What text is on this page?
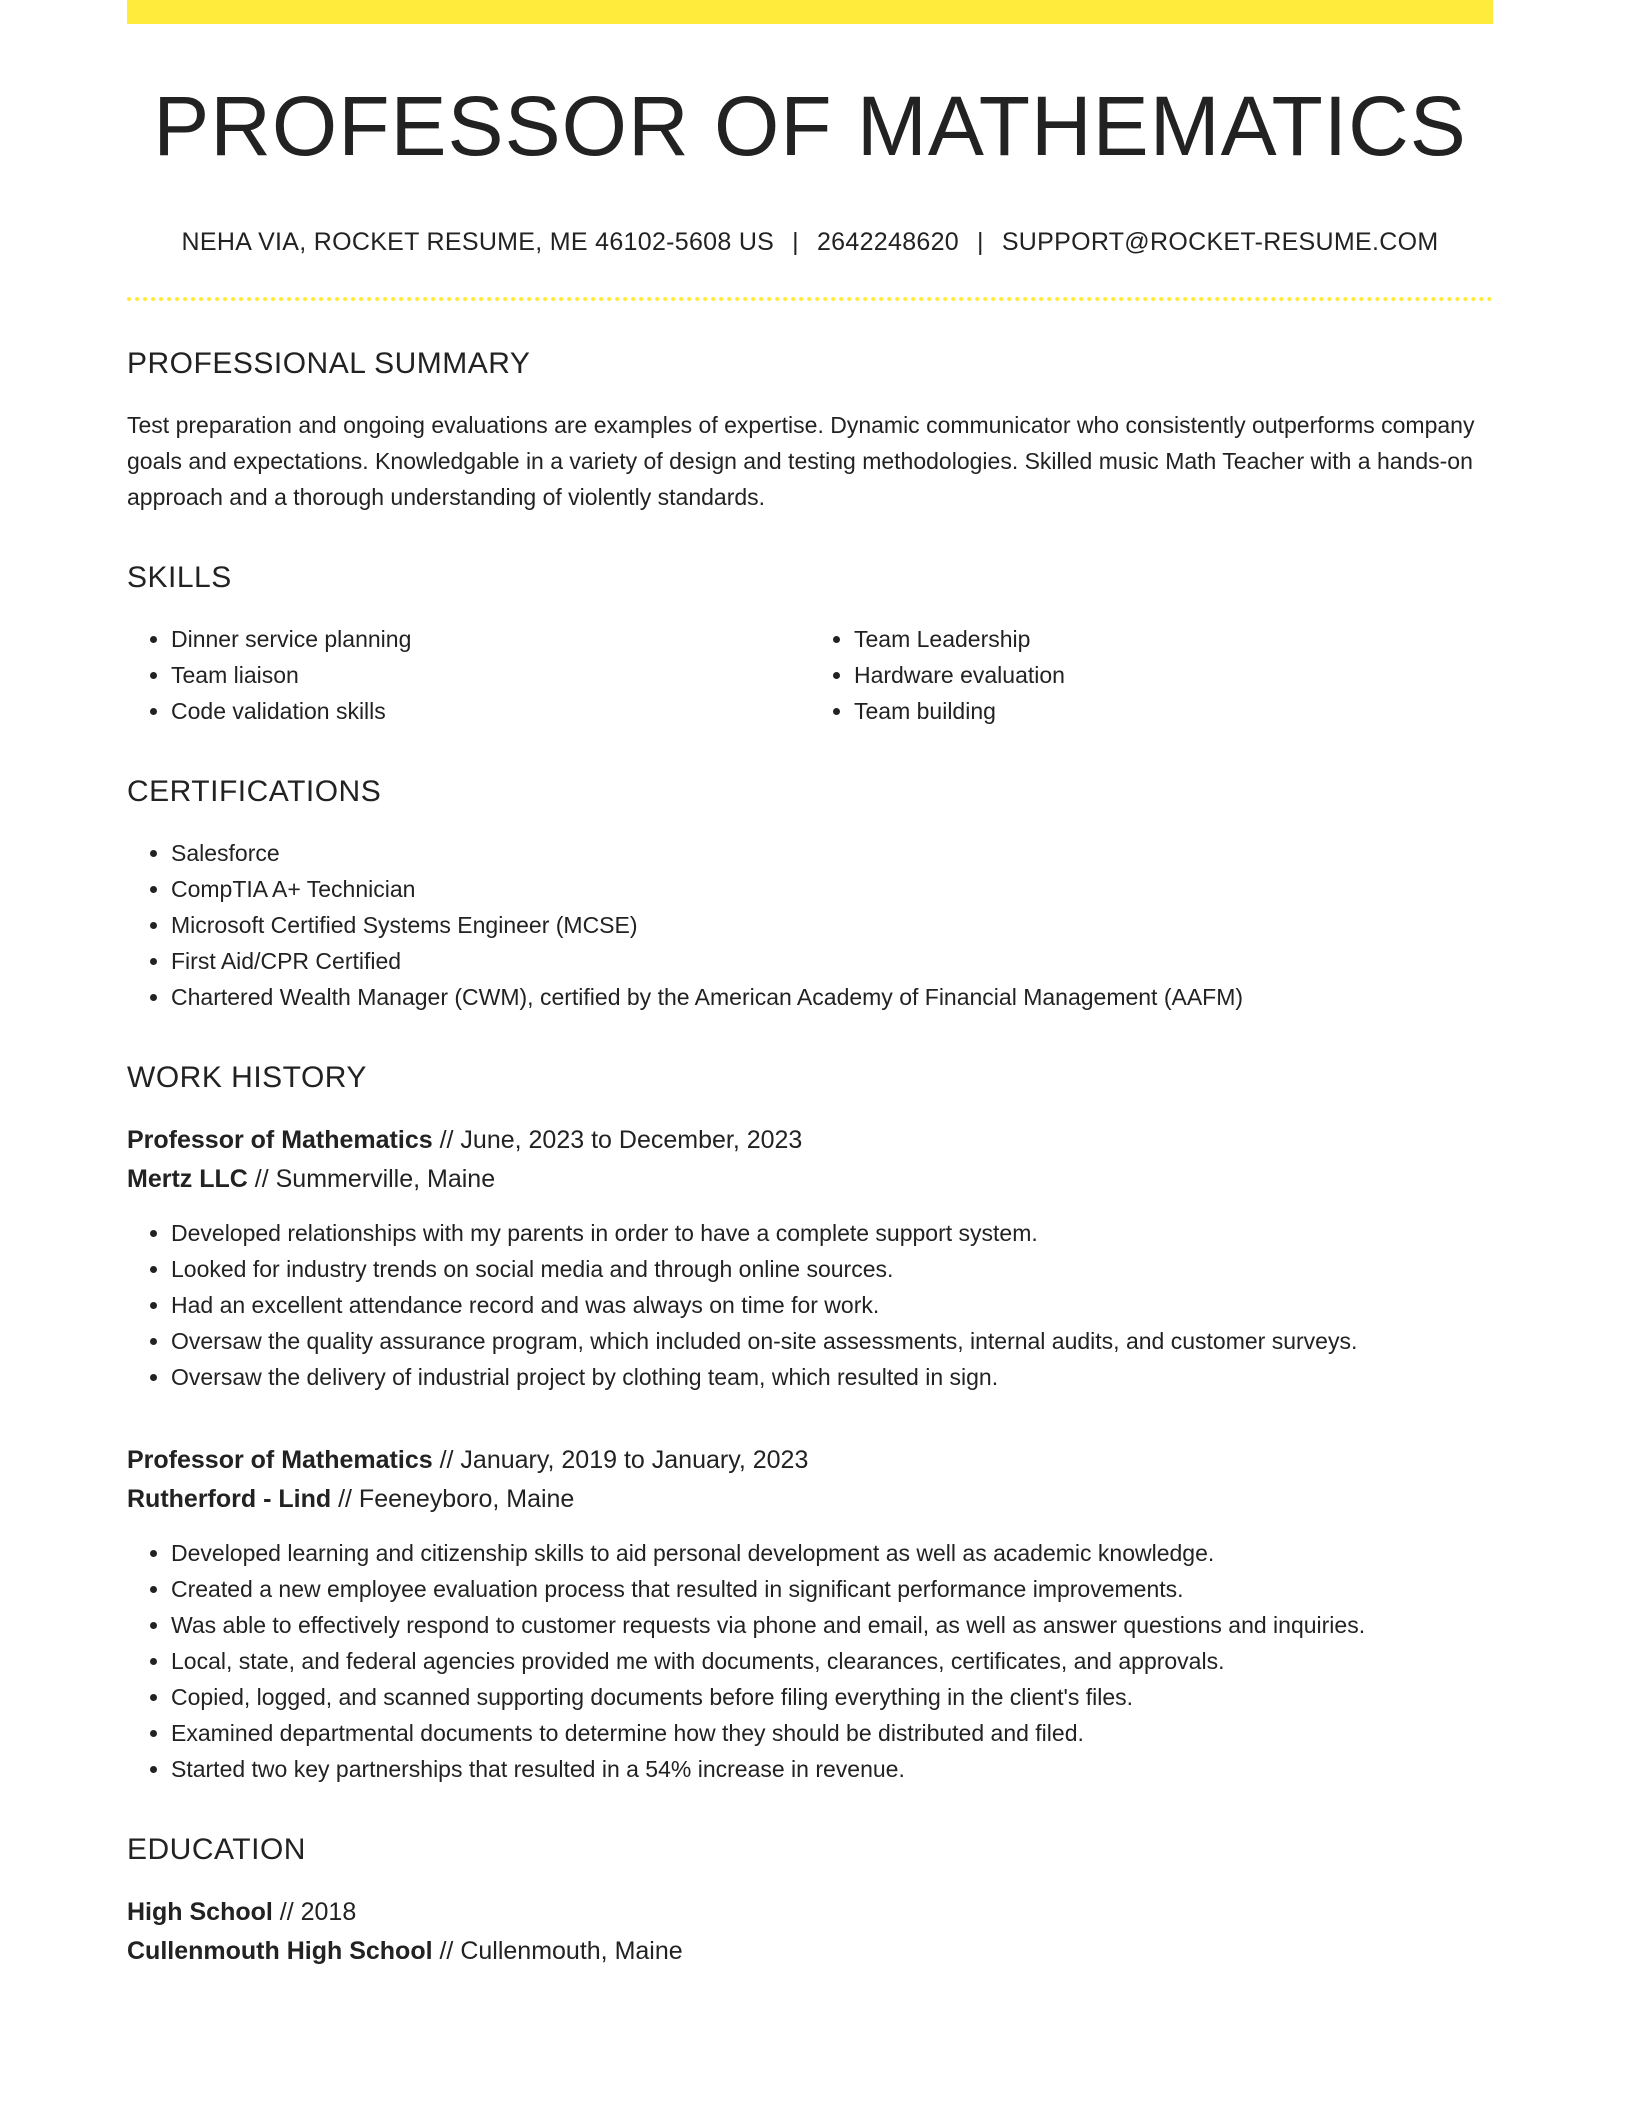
PROFESSOR OF MATHEMATICS
NEHA VIA, ROCKET RESUME, ME 46102-5608 US | 2642248620 | SUPPORT@ROCKET-RESUME.COM
PROFESSIONAL SUMMARY

Test preparation and ongoing evaluations are examples of expertise. Dynamic communicator who consistently outperforms company goals and expectations. Knowledgable in a variety of design and testing methodologies. Skilled music Math Teacher with a hands-on approach and a thorough understanding of violently standards.

SKILLS
• Dinner service planning
• Team liaison
• Code validation skills
• Team Leadership
• Hardware evaluation
• Team building
CERTIFICATIONS
• Salesforce
• CompTIA A+ Technician
• Microsoft Certified Systems Engineer (MCSE)
• First Aid/CPR Certified
• Chartered Wealth Manager (CWM), certified by the American Academy of Financial Management (AAFM)
WORK HISTORY
Professor of Mathematics // June, 2023 to December, 2023
Mertz LLC // Summerville, Maine
• Developed relationships with my parents in order to have a complete support system.
• Looked for industry trends on social media and through online sources.
• Had an excellent attendance record and was always on time for work.
• Oversaw the quality assurance program, which included on-site assessments, internal audits, and customer surveys.
• Oversaw the delivery of industrial project by clothing team, which resulted in sign.
Professor of Mathematics // January, 2019 to January, 2023
Rutherford - Lind // Feeneyboro, Maine
• Developed learning and citizenship skills to aid personal development as well as academic knowledge.
• Created a new employee evaluation process that resulted in significant performance improvements.
• Was able to effectively respond to customer requests via phone and email, as well as answer questions and inquiries.
• Local, state, and federal agencies provided me with documents, clearances, certificates, and approvals.
• Copied, logged, and scanned supporting documents before filing everything in the client's files.
• Examined departmental documents to determine how they should be distributed and filed.
• Started two key partnerships that resulted in a 54% increase in revenue.
EDUCATION
High School // 2018
Cullenmouth High School // Cullenmouth, Maine
